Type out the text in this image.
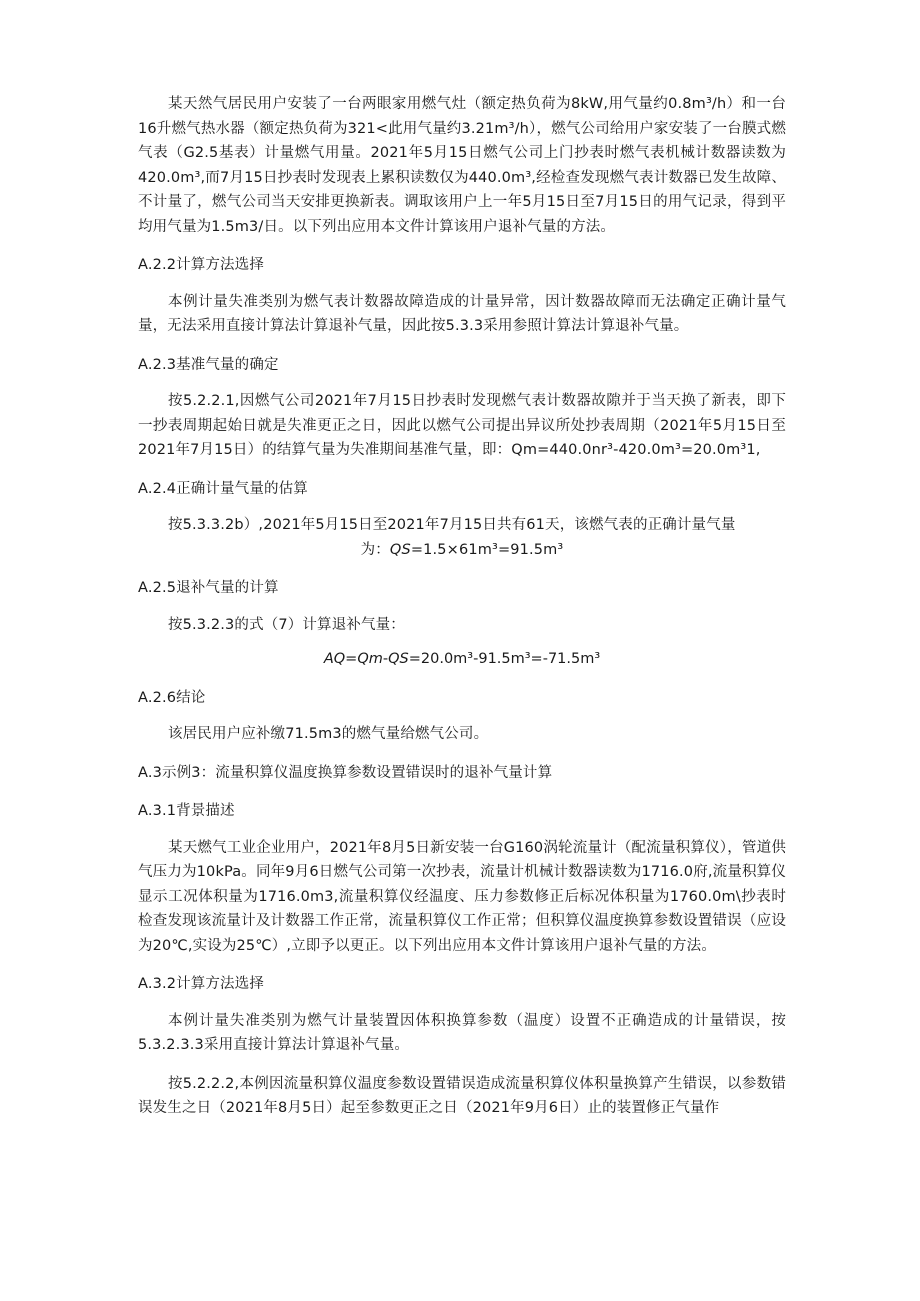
某天然气居民用户安装了一台两眼家用燃气灶（额定热负荷为8kW,用气量约0.8m³/h）和一台16升燃气热水器（额定热负荷为321<此用气量约3.21m³/h），燃气公司给用户家安装了一台膜式燃气表（G2.5基表）计量燃气用量。2021年5月15日燃气公司上门抄表时燃气表机械计数器读数为420.0m³,而7月15日抄表时发现表上累积读数仅为440.0m³,经检查发现燃气表计数器已发生故障、不计量了，燃气公司当天安排更换新表。调取该用户上一年5月15日至7月15日的用气记录，得到平均用气量为1.5m3/日。以下列出应用本文件计算该用户退补气量的方法。

A.2.2计算方法选择

本例计量失准类别为燃气表计数器故障造成的计量异常，因计数器故障而无法确定正确计量气量，无法采用直接计算法计算退补气量，因此按5.3.3采用参照计算法计算退补气量。

A.2.3基准气量的确定

按5.2.2.1,因燃气公司2021年7月15日抄表时发现燃气表计数器故隙并于当天换了新表，即下一抄表周期起始日就是失准更正之日，因此以燃气公司提出异议所处抄表周期（2021年5月15日至2021年7月15日）的结算气量为失准期间基准气量，即：Qm=440.0nr³-420.0m³=20.0m³1,

A.2.4正确计量气量的估算

按5.3.3.2b）,2021年5月15日至2021年7月15日共有61天，该燃气表的正确计量气量

为：QS=1.5×61m³=91.5m³

A.2.5退补气量的计算

按5.3.2.3的式（7）计算退补气量：

AQ=Qm-QS=20.0m³-91.5m³=-71.5m³

A.2.6结论

该居民用户应补缴71.5m3的燃气量给燃气公司。

A.3示例3：流量积算仪温度换算参数设置错误时的退补气量计算

A.3.1背景描述

某天燃气工业企业用户，2021年8月5日新安装一台G160涡轮流量计（配流量积算仪），管道供气压力为10kPa。同年9月6日燃气公司第一次抄表，流量计机械计数器读数为1716.0府,流量积算仪显示工况体积量为1716.0m3,流量积算仪经温度、压力参数修正后标况体积量为1760.0m\抄表时检查发现该流量计及计数器工作正常，流量积算仪工作正常；但积算仪温度换算参数设置错误（应设为20℃,实设为25℃）,立即予以更正。以下列出应用本文件计算该用户退补气量的方法。

A.3.2计算方法选择

本例计量失准类别为燃气计量装置因体积换算参数（温度）设置不正确造成的计量错误，按5.3.2.3.3采用直接计算法计算退补气量。

按5.2.2.2,本例因流量积算仪温度参数设置错误造成流量积算仪体积量换算产生错误，以参数错误发生之日（2021年8月5日）起至参数更正之日（2021年9月6日）止的装置修正气量作
